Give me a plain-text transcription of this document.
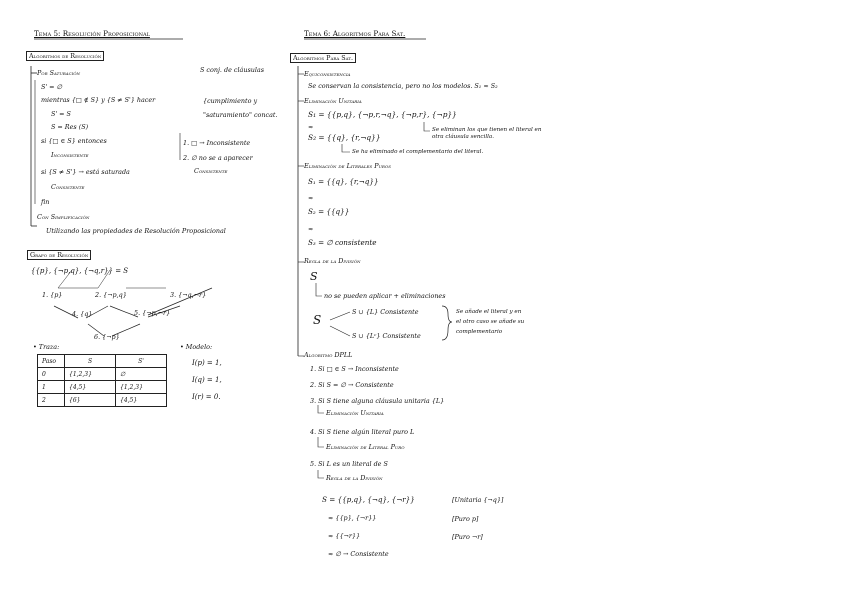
Tema 5: Resolución Proposicional
Algoritmos de Resolución
Por Saturación
S' = ∅
mientras {□ ∉ S} y {S ≠ S'} hacer
S' = S
S = Res (S)
si {□ ∈ S} entonces
Inconsistente
si {S ≠ S'} → está saturada
Consistente
fin
Con Simplificación
Utilizando las propiedades de Resolución Proposicional
S conj. de cláusulas
{cumplimiento y
"saturamiento" concat.
1. □ → Inconsistente
2. ∅ no se a aparecer
Consistente
Grafo de Resolución
{{p}, {¬p,q}, {¬q,r}} = S
1. {p}	2. {¬p,q}	3. {¬q,¬r}
4. {q}	5. {¬p,¬r}
6. {¬p}
• Traza:
Paso	S	S'
0	{1,2,3}	∅
1	{4,5}	{1,2,3}
2	{6}	{4,5}
• Modelo:
I(p) = 1,
I(q) = 1,
I(r) = 0.
Tema 6: Algoritmos Para Sat.
Algoritmos Para Sat.
Equiconsistencia
Se conservan la consistencia, pero no los modelos. S₁ ≈ S₂
Eliminación Unitaria
S₁ = {{p,q}, {¬p,r,¬q}, {¬p,r}, {¬p}}
≈
S₂ = {{q}, {r,¬q}}
Se eliminan los que tienen el literal en otra cláusula sencilla.
Se ha eliminado el complementario del literal.
Eliminación de Literales Puros
S₁ = {{q}, {r,¬q}}
≈
S₂ = {{q}}
≈
S₃ = ∅ consistente
Regla de la División
S
no se pueden aplicar + eliminaciones
S
S ∪ {L} Consistente
S ∪ {Lᶜ} Consistente
Se añade el literal y en
el otro caso se añade su
complementario
Algoritmo DPLL
1. Si □ ∈ S → Inconsistente
2. Si S = ∅ → Consistente
3. Si S tiene alguna cláusula unitaria {L}
Eliminación Unitaria
4. Si S tiene algún literal puro L
Eliminación de Literal Puro
5. Si L es un literal de S
Regla de la División
S = {{p,q}, {¬q}, {¬r}}
≈ {{p}, {¬r}}
≈ {{¬r}}
≈ ∅ → Consistente
[Unitaria {¬q}]
[Puro p]
[Puro ¬r]
